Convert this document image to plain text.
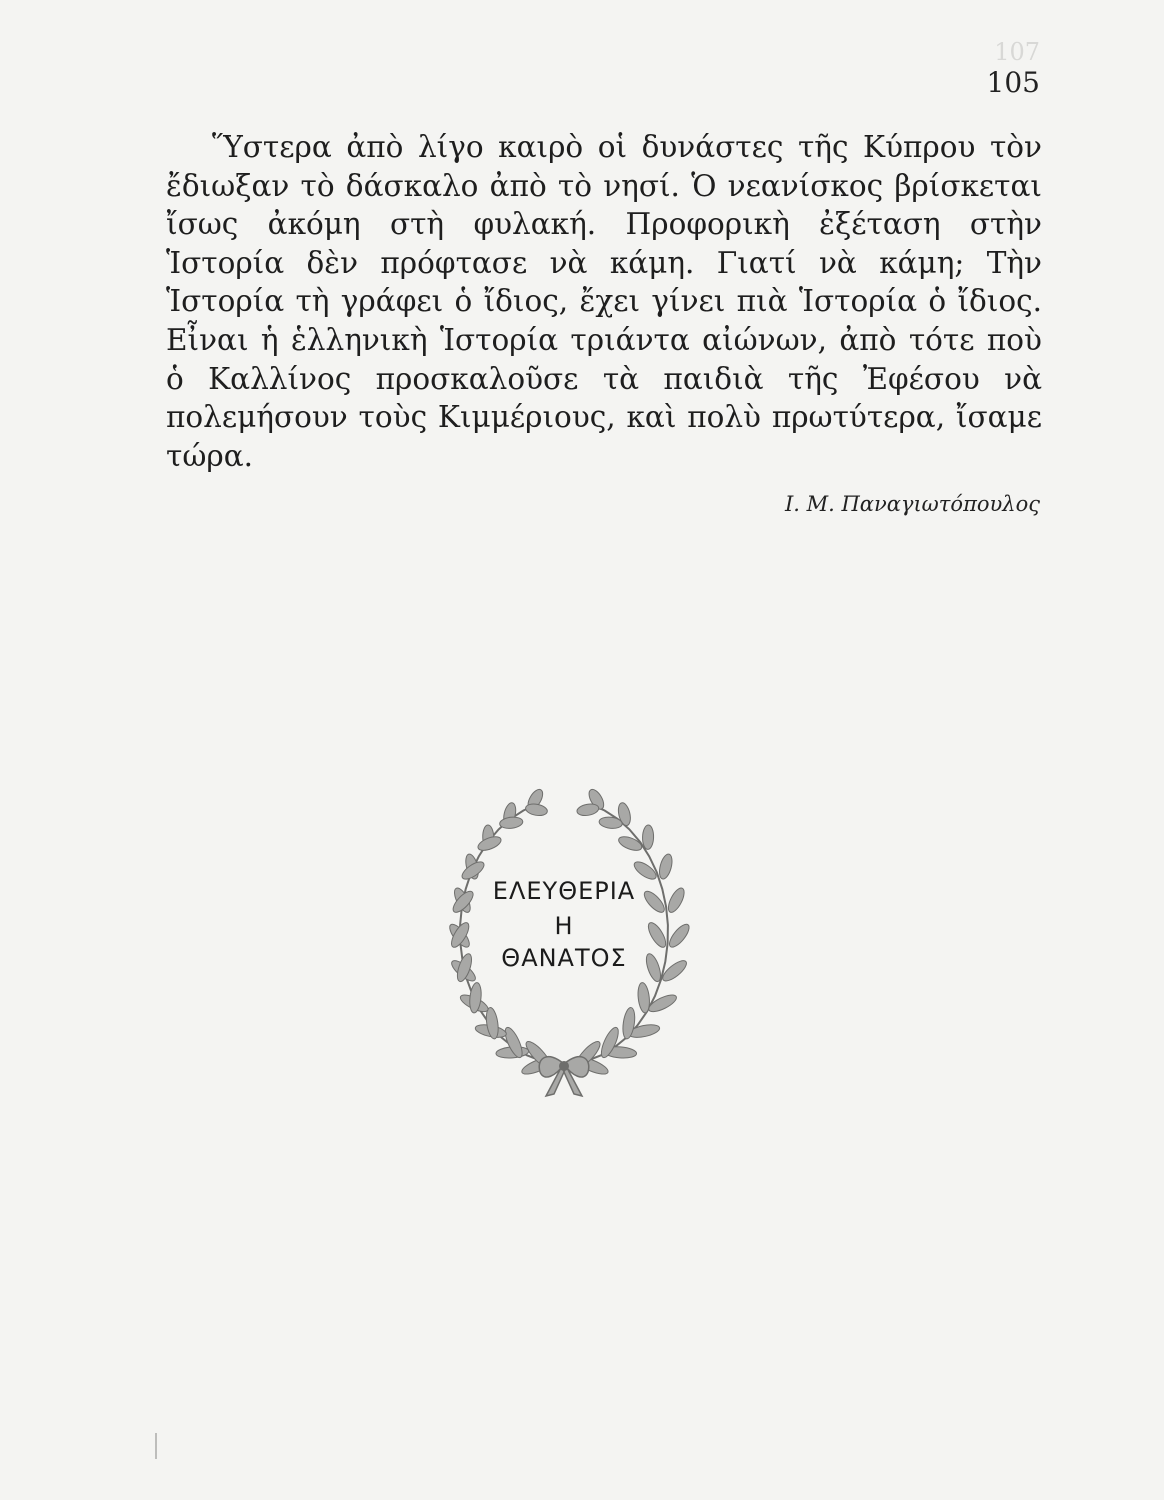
107
105

Ὕστερα ἀπὸ λίγο καιρὸ οἱ δυνάστες τῆς Κύπρου τὸν ἔδιωξαν τὸ δάσκαλο ἀπὸ τὸ νησί. Ὁ νεανίσκος βρίσκεται ἴσως ἀκόμη στὴ φυλακή. Προφορικὴ ἐξέταση στὴν Ἱστορία δὲν πρόφτασε νὰ κάμη. Γιατί νὰ κάμη; Τὴν Ἱστορία τὴ γράφει ὁ ἴδιος, ἔχει γίνει πιὰ Ἱστορία ὁ ἴδιος. Εἶναι ἡ ἑλληνικὴ Ἱστορία τριάντα αἰώνων, ἀπὸ τότε ποὺ ὁ Καλλίνος προσκαλοῦσε τὰ παιδιὰ τῆς Ἐφέσου νὰ πολεμήσουν τοὺς Κιμμέριους, καὶ πολὺ πρωτύτερα, ἴσαμε τώρα.

Ι. Μ. Παναγιωτόπουλος
ΕΛΕΥΘΕΡΙΑ
Η
ΘΑΝΑΤΟΣ
